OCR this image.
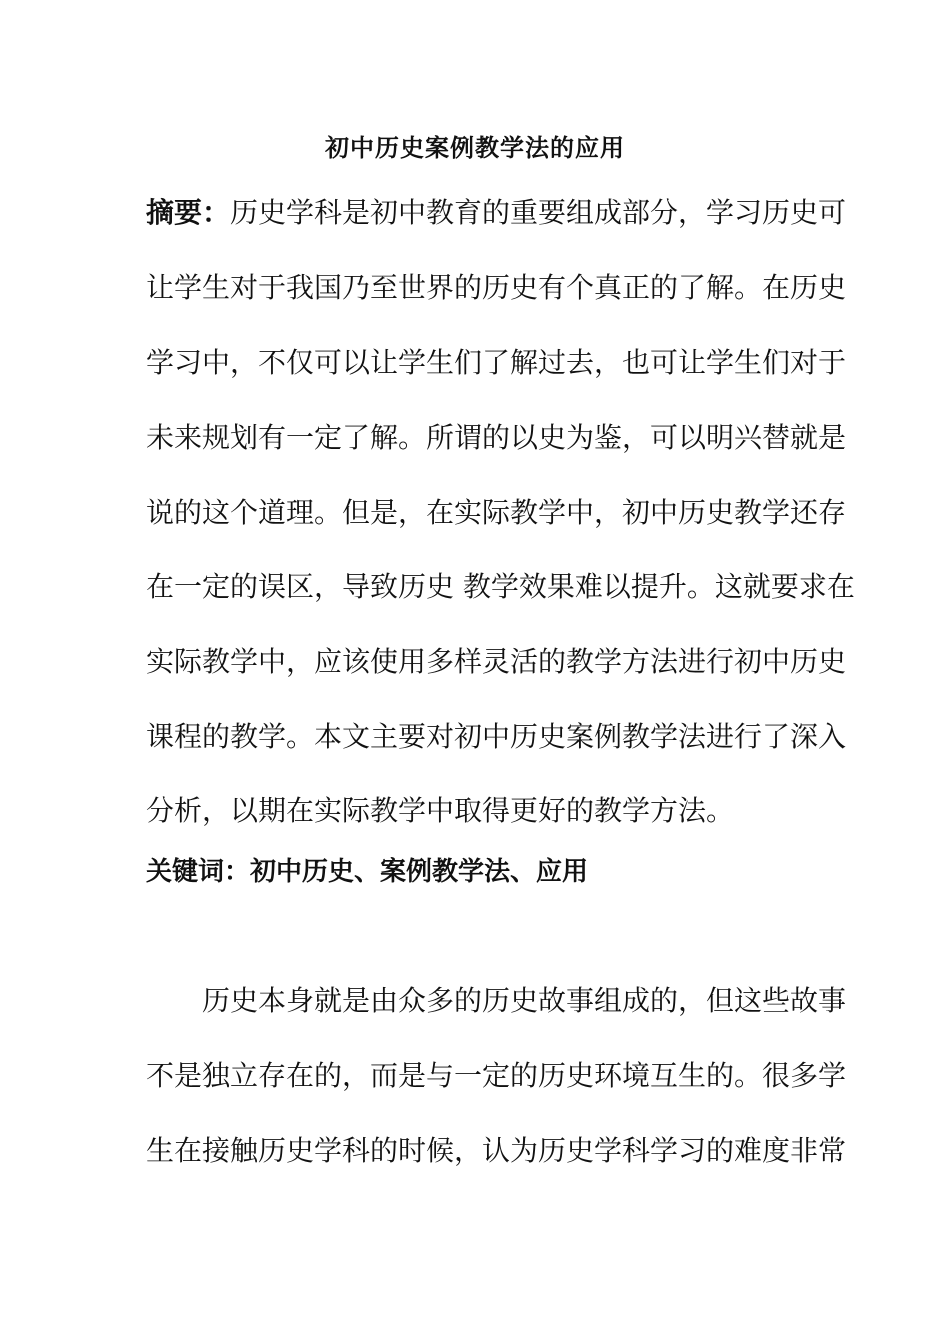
初中历史案例教学法的应用
摘要：历史学科是初中教育的重要组成部分，学习历史可
让学生对于我国乃至世界的历史有个真正的了解。在历史
学习中，不仅可以让学生们了解过去，也可让学生们对于
未来规划有一定了解。所谓的以史为鉴，可以明兴替就是
说的这个道理。但是，在实际教学中，初中历史教学还存
在一定的误区，导致历史 教学效果难以提升。这就要求在
实际教学中，应该使用多样灵活的教学方法进行初中历史
课程的教学。本文主要对初中历史案例教学法进行了深入
分析，以期在实际教学中取得更好的教学方法。
关键词：初中历史、案例教学法、应用
历史本身就是由众多的历史故事组成的，但这些故事
不是独立存在的，而是与一定的历史环境互生的。很多学
生在接触历史学科的时候，认为历史学科学习的难度非常
